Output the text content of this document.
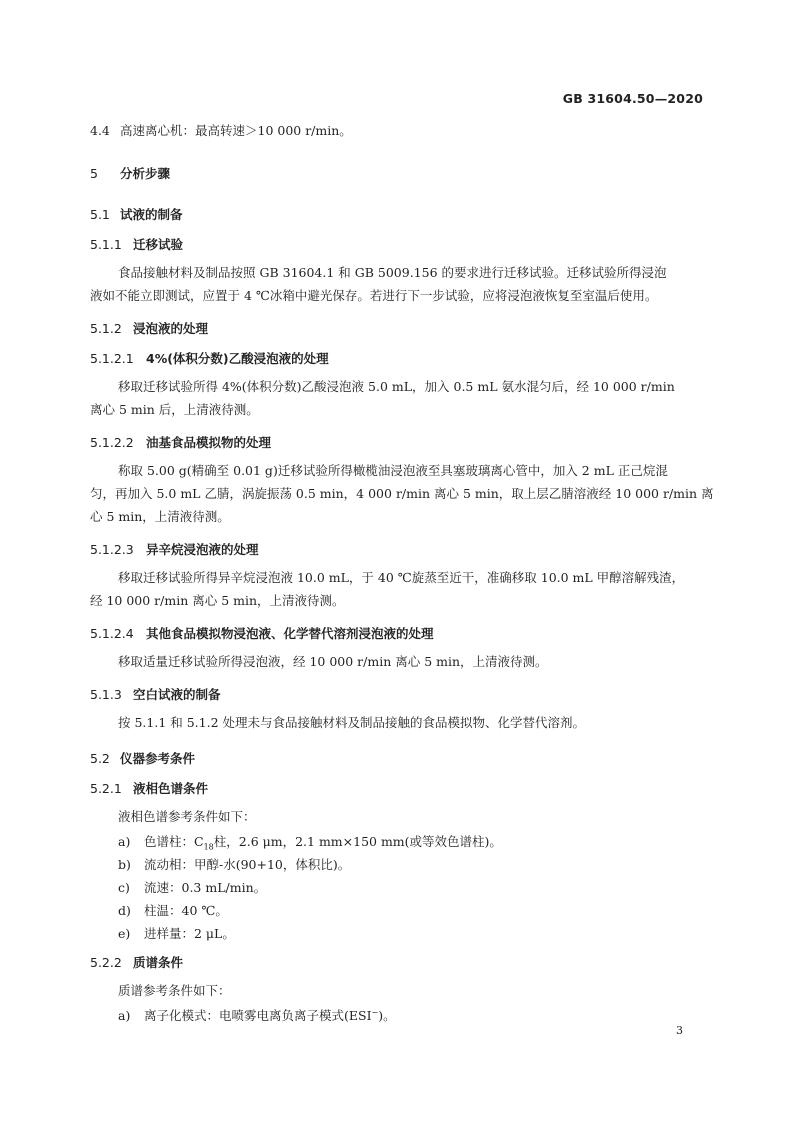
GB 31604.50—2020
4.4 高速离心机：最高转速＞10 000 r/min。
5 分析步骤
5.1 试液的制备
5.1.1 迁移试验
食品接触材料及制品按照 GB 31604.1 和 GB 5009.156 的要求进行迁移试验。迁移试验所得浸泡
液如不能立即测试，应置于 4 ℃冰箱中避光保存。若进行下一步试验，应将浸泡液恢复至室温后使用。
5.1.2 浸泡液的处理
5.1.2.1 4%(体积分数)乙酸浸泡液的处理
移取迁移试验所得 4%(体积分数)乙酸浸泡液 5.0 mL，加入 0.5 mL 氨水混匀后，经 10 000 r/min
离心 5 min 后，上清液待测。
5.1.2.2 油基食品模拟物的处理
称取 5.00 g(精确至 0.01 g)迁移试验所得橄榄油浸泡液至具塞玻璃离心管中，加入 2 mL 正己烷混
匀，再加入 5.0 mL 乙腈，涡旋振荡 0.5 min，4 000 r/min 离心 5 min，取上层乙腈溶液经 10 000 r/min 离
心 5 min，上清液待测。
5.1.2.3 异辛烷浸泡液的处理
移取迁移试验所得异辛烷浸泡液 10.0 mL，于 40 ℃旋蒸至近干，准确移取 10.0 mL 甲醇溶解残渣，
经 10 000 r/min 离心 5 min，上清液待测。
5.1.2.4 其他食品模拟物浸泡液、化学替代溶剂浸泡液的处理
移取适量迁移试验所得浸泡液，经 10 000 r/min 离心 5 min，上清液待测。
5.1.3 空白试液的制备
按 5.1.1 和 5.1.2 处理未与食品接触材料及制品接触的食品模拟物、化学替代溶剂。
5.2 仪器参考条件
5.2.1 液相色谱条件
液相色谱参考条件如下：
a) 色谱柱：$C_{18}$柱，2.6 μm，2.1 mm×150 mm(或等效色谱柱)。
b) 流动相：甲醇-水(90+10，体积比)。
c) 流速：0.3 mL/min。
d) 柱温：40 ℃。
e) 进样量：2 μL。
5.2.2 质谱条件
质谱参考条件如下：
a) 离子化模式：电喷雾电离负离子模式(ESI−)。
3
